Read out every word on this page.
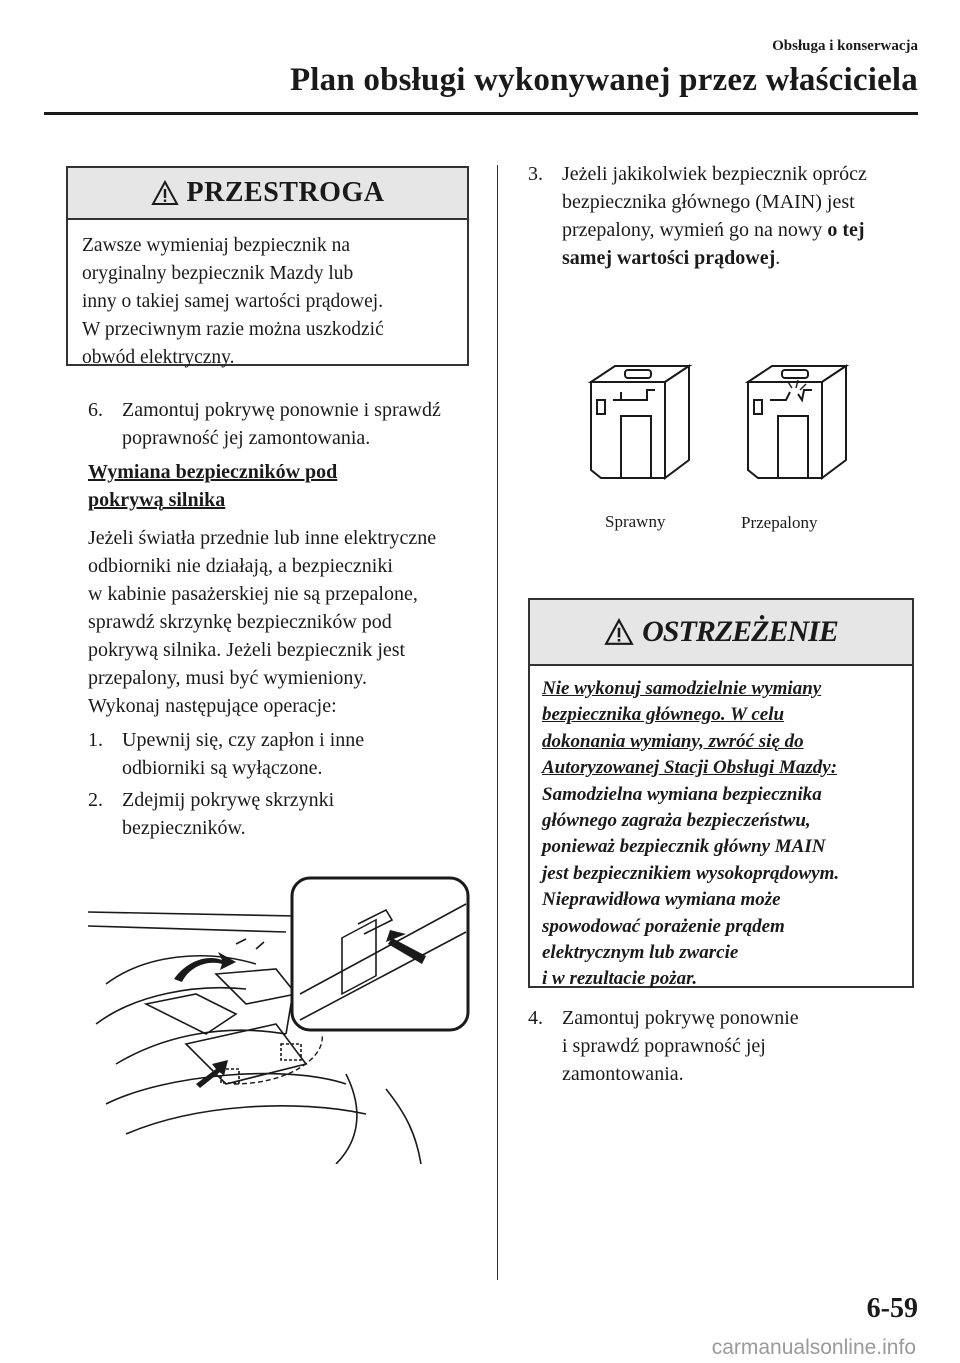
Obsługa i konserwacja
Plan obsługi wykonywanej przez właściciela
PRZESTROGA
Zawsze wymieniaj bezpiecznik na
oryginalny bezpiecznik Mazdy lub
inny o takiej samej wartości prądowej.
W przeciwnym razie można uszkodzić
obwód elektryczny.
6. Zamontuj pokrywę ponownie i sprawdź
poprawność jej zamontowania.
Wymiana bezpieczników pod
pokrywą silnika
Jeżeli światła przednie lub inne elektryczne
odbiorniki nie działają, a bezpieczniki
w kabinie pasażerskiej nie są przepalone,
sprawdź skrzynkę bezpieczników pod
pokrywą silnika. Jeżeli bezpiecznik jest
przepalony, musi być wymieniony.
Wykonaj następujące operacje:
1. Upewnij się, czy zapłon i inne
odbiorniki są wyłączone.
2. Zdejmij pokrywę skrzynki
bezpieczników.
3. Jeżeli jakikolwiek bezpiecznik oprócz
bezpiecznika głównego (MAIN) jest
przepalony, wymień go na nowy o tej
samej wartości prądowej.
Sprawny	Przepalony
OSTRZEŻENIE
Nie wykonuj samodzielnie wymiany
bezpiecznika głównego. W celu
dokonania wymiany, zwróć się do
Autoryzowanej Stacji Obsługi Mazdy:
Samodzielna wymiana bezpiecznika
głównego zagraża bezpieczeństwu,
ponieważ bezpiecznik główny MAIN
jest bezpiecznikiem wysokoprądowym.
Nieprawidłowa wymiana może
spowodować porażenie prądem
elektrycznym lub zwarcie
i w rezultacie pożar.
4. Zamontuj pokrywę ponownie
i sprawdź poprawność jej
zamontowania.
6-59
carmanualsonline.info
